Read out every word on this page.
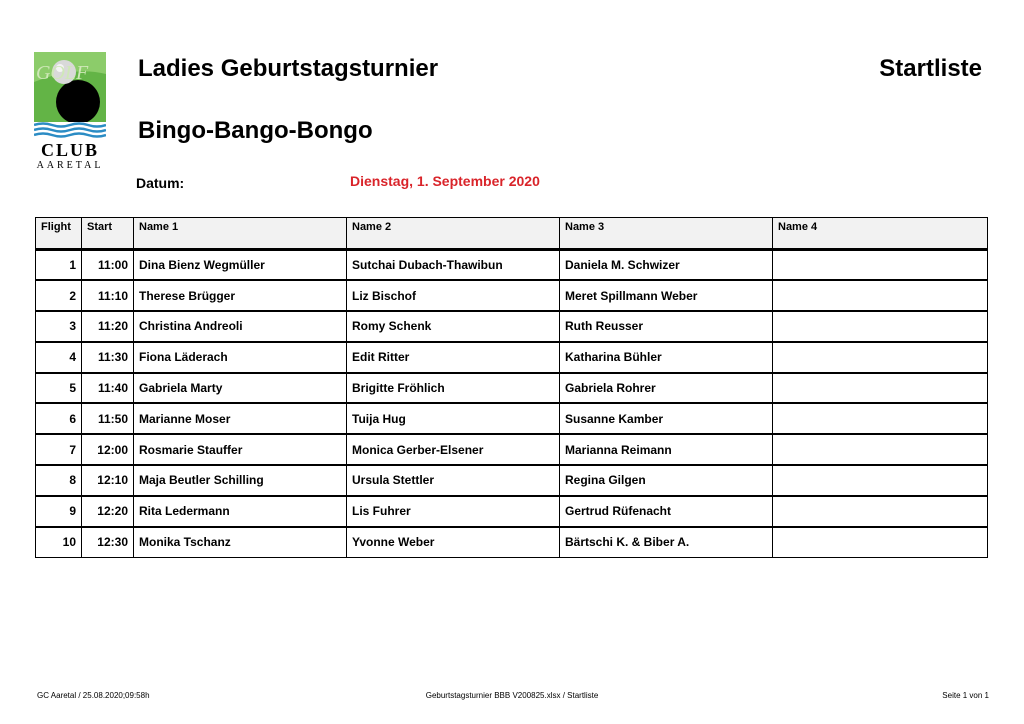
GOLF
CLUB
AARETAL
Ladies Geburtstagsturnier	Startliste
Bingo-Bango-Bongo
Datum:	Dienstag, 1. September 2020
Flight	Start	Name 1	Name 2	Name 3	Name 4
1	11:00	Dina Bienz Wegmüller	Sutchai Dubach-Thawibun	Daniela M. Schwizer	
2	11:10	Therese Brügger	Liz Bischof	Meret Spillmann Weber	
3	11:20	Christina Andreoli	Romy Schenk	Ruth Reusser	
4	11:30	Fiona Läderach	Edit Ritter	Katharina Bühler	
5	11:40	Gabriela Marty	Brigitte Fröhlich	Gabriela Rohrer	
6	11:50	Marianne Moser	Tuija Hug	Susanne Kamber	
7	12:00	Rosmarie Stauffer	Monica Gerber-Elsener	Marianna Reimann	
8	12:10	Maja Beutler Schilling	Ursula Stettler	Regina Gilgen	
9	12:20	Rita Ledermann	Lis Fuhrer	Gertrud Rüfenacht	
10	12:30	Monika Tschanz	Yvonne Weber	Bärtschi K. & Biber A.	
GC Aaretal / 25.08.2020;09:58h	Geburtstagsturnier BBB V200825.xlsx / Startliste	Seite 1 von 1
